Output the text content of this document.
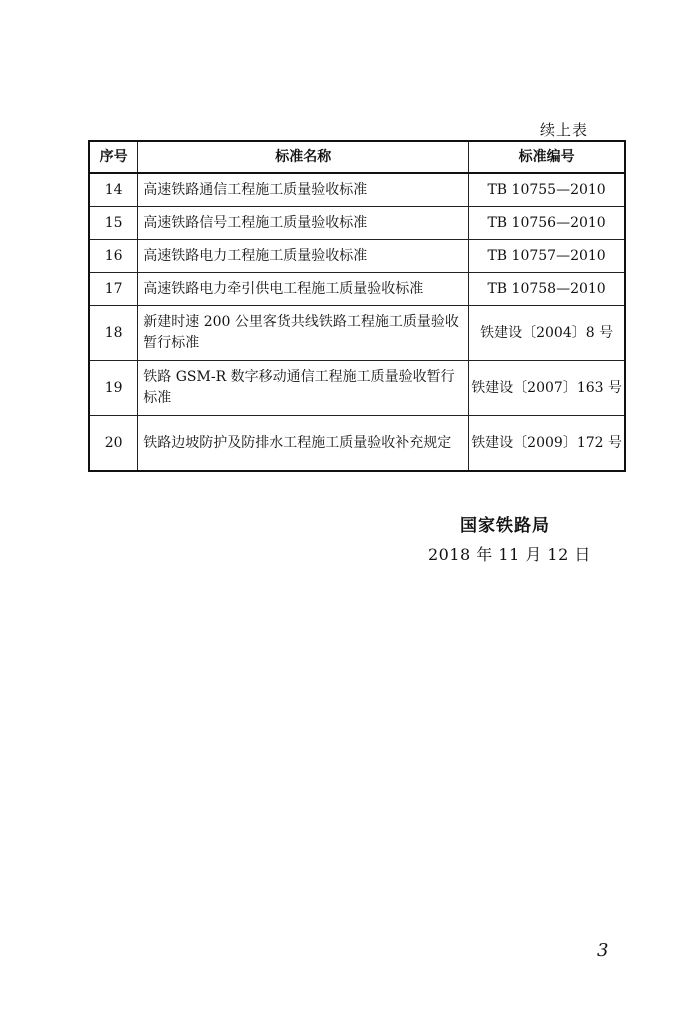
续上表
序号	标准名称	标准编号
14	高速铁路通信工程施工质量验收标准	TB 10755—2010
15	高速铁路信号工程施工质量验收标准	TB 10756—2010
16	高速铁路电力工程施工质量验收标准	TB 10757—2010
17	高速铁路电力牵引供电工程施工质量验收标准	TB 10758—2010
18	新建时速 200 公里客货共线铁路工程施工质量验收暂行标准	铁建设〔2004〕8 号
19	铁路 GSM-R 数字移动通信工程施工质量验收暂行标准	铁建设〔2007〕163 号
20	铁路边坡防护及防排水工程施工质量验收补充规定	铁建设〔2009〕172 号
国家铁路局
2018 年 11 月 12 日
3
